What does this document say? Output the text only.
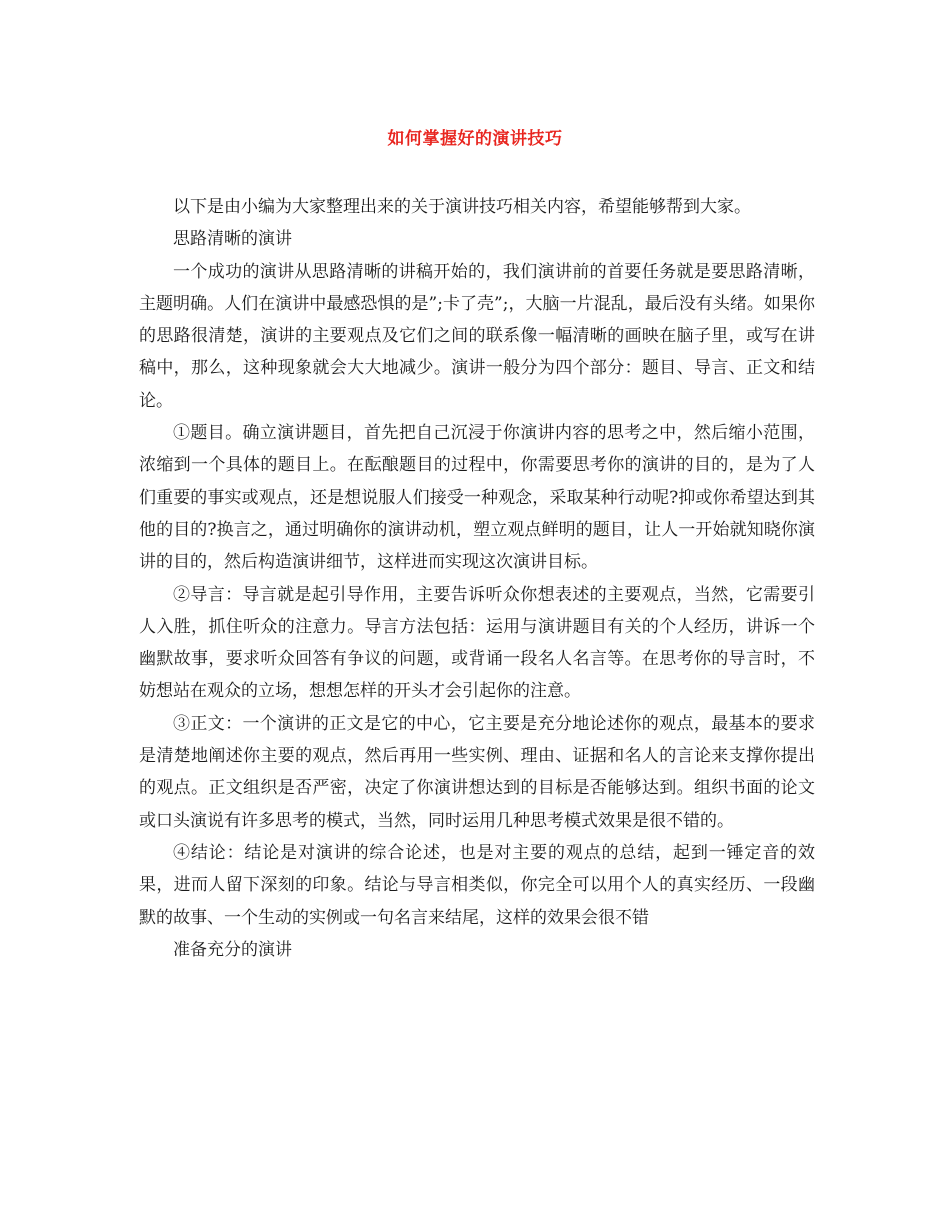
如何掌握好的演讲技巧

以下是由小编为大家整理出来的关于演讲技巧相关内容，希望能够帮到大家。

思路清晰的演讲

一个成功的演讲从思路清晰的讲稿开始的，我们演讲前的首要任务就是要思路清晰，主题明确。人们在演讲中最感恐惧的是”;卡了壳”;，大脑一片混乱，最后没有头绪。如果你的思路很清楚，演讲的主要观点及它们之间的联系像一幅清晰的画映在脑子里，或写在讲稿中，那么，这种现象就会大大地减少。演讲一般分为四个部分：题目、导言、正文和结论。

①题目。确立演讲题目，首先把自己沉浸于你演讲内容的思考之中，然后缩小范围，浓缩到一个具体的题目上。在酝酿题目的过程中，你需要思考你的演讲的目的，是为了人们重要的事实或观点，还是想说服人们接受一种观念，采取某种行动呢?抑或你希望达到其他的目的?换言之，通过明确你的演讲动机，塑立观点鲜明的题目，让人一开始就知晓你演讲的目的，然后构造演讲细节，这样进而实现这次演讲目标。

②导言：导言就是起引导作用，主要告诉听众你想表述的主要观点，当然，它需要引人入胜，抓住听众的注意力。导言方法包括：运用与演讲题目有关的个人经历，讲诉一个幽默故事，要求听众回答有争议的问题，或背诵一段名人名言等。在思考你的导言时，不妨想站在观众的立场，想想怎样的开头才会引起你的注意。

③正文：一个演讲的正文是它的中心，它主要是充分地论述你的观点，最基本的要求是清楚地阐述你主要的观点，然后再用一些实例、理由、证据和名人的言论来支撑你提出的观点。正文组织是否严密，决定了你演讲想达到的目标是否能够达到。组织书面的论文或口头演说有许多思考的模式，当然，同时运用几种思考模式效果是很不错的。

④结论：结论是对演讲的综合论述，也是对主要的观点的总结，起到一锤定音的效果，进而人留下深刻的印象。结论与导言相类似，你完全可以用个人的真实经历、一段幽默的故事、一个生动的实例或一句名言来结尾，这样的效果会很不错

准备充分的演讲
